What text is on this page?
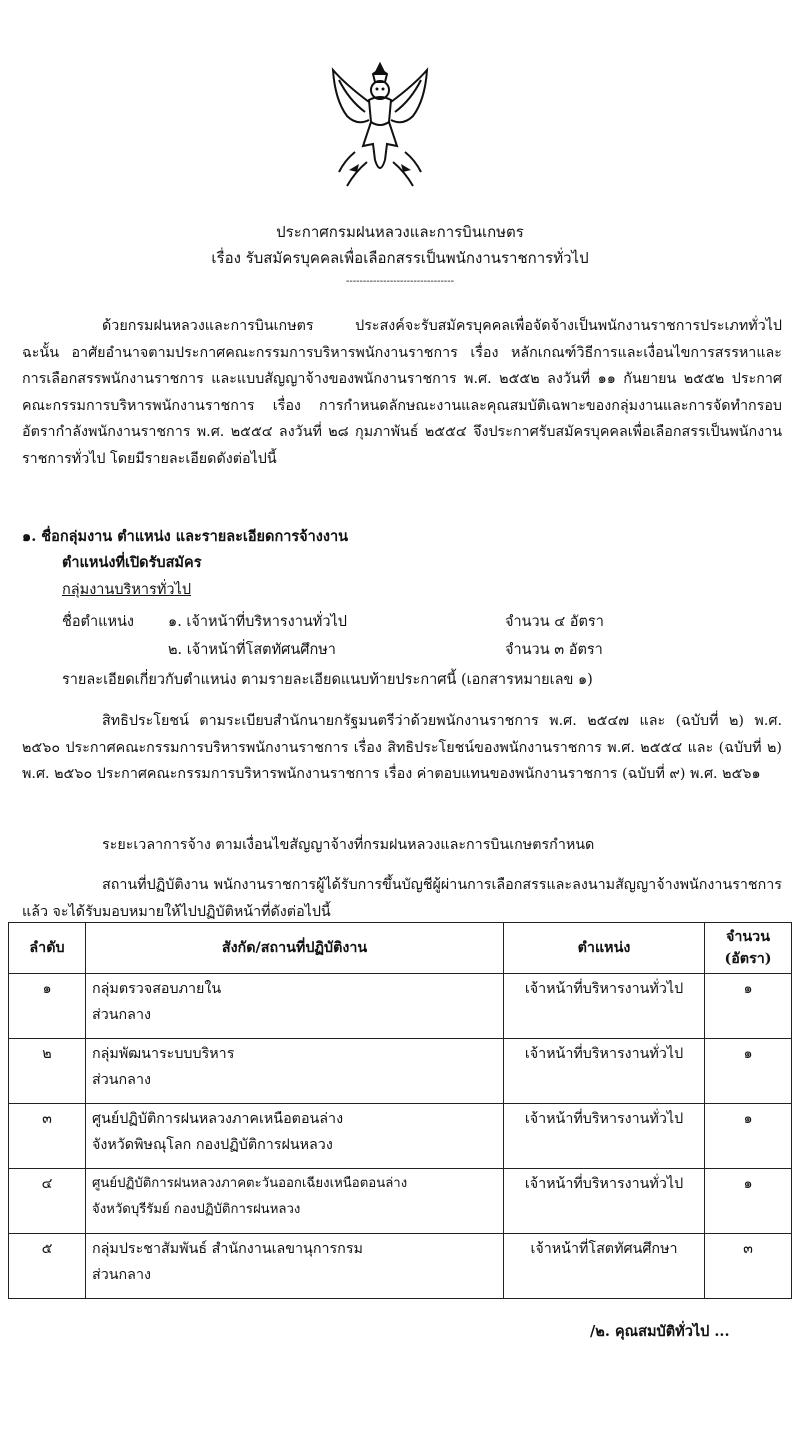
ประกาศกรมฝนหลวงและการบินเกษตร
เรื่อง รับสมัครบุคคลเพื่อเลือกสรรเป็นพนักงานราชการทั่วไป
--------------------------------

ด้วยกรมฝนหลวงและการบินเกษตร ประสงค์จะรับสมัครบุคคลเพื่อจัดจ้างเป็นพนักงานราชการประเภททั่วไป ฉะนั้น อาศัยอำนาจตามประกาศคณะกรรมการบริหารพนักงานราชการ เรื่อง หลักเกณฑ์วิธีการและเงื่อนไขการสรรหาและการเลือกสรรพนักงานราชการ และแบบสัญญาจ้างของพนักงานราชการ พ.ศ. ๒๕๕๒ ลงวันที่ ๑๑ กันยายน ๒๕๕๒ ประกาศคณะกรรมการบริหารพนักงานราชการ เรื่อง การกำหนดลักษณะงานและคุณสมบัติเฉพาะของกลุ่มงานและการจัดทำกรอบอัตรากำลังพนักงานราชการ พ.ศ. ๒๕๕๔ ลงวันที่ ๒๘ กุมภาพันธ์ ๒๕๕๔ จึงประกาศรับสมัครบุคคลเพื่อเลือกสรรเป็นพนักงานราชการทั่วไป โดยมีรายละเอียดดังต่อไปนี้

๑. ชื่อกลุ่มงาน ตำแหน่ง และรายละเอียดการจ้างงาน
ตำแหน่งที่เปิดรับสมัคร
กลุ่มงานบริหารทั่วไป
ชื่อตำแหน่ง ๑. เจ้าหน้าที่บริหารงานทั่วไป	จำนวน ๔ อัตรา
๒. เจ้าหน้าที่โสตทัศนศึกษา	จำนวน ๓ อัตรา
รายละเอียดเกี่ยวกับตำแหน่ง ตามรายละเอียดแนบท้ายประกาศนี้ (เอกสารหมายเลข ๑)

สิทธิประโยชน์ ตามระเบียบสำนักนายกรัฐมนตรีว่าด้วยพนักงานราชการ พ.ศ. ๒๕๔๗ และ (ฉบับที่ ๒) พ.ศ. ๒๕๖๐ ประกาศคณะกรรมการบริหารพนักงานราชการ เรื่อง สิทธิประโยชน์ของพนักงานราชการ พ.ศ. ๒๕๕๔ และ (ฉบับที่ ๒) พ.ศ. ๒๕๖๐ ประกาศคณะกรรมการบริหารพนักงานราชการ เรื่อง ค่าตอบแทนของพนักงานราชการ (ฉบับที่ ๙) พ.ศ. ๒๕๖๑

ระยะเวลาการจ้าง ตามเงื่อนไขสัญญาจ้างที่กรมฝนหลวงและการบินเกษตรกำหนด

สถานที่ปฏิบัติงาน พนักงานราชการผู้ได้รับการขึ้นบัญชีผู้ผ่านการเลือกสรรและลงนามสัญญาจ้างพนักงานราชการแล้ว จะได้รับมอบหมายให้ไปปฏิบัติหน้าที่ดังต่อไปนี้

ลำดับ	สังกัด/สถานที่ปฏิบัติงาน	ตำแหน่ง	จำนวน
(อัตรา)

๑	กลุ่มตรวจสอบภายใน
ส่วนกลาง	เจ้าหน้าที่บริหารงานทั่วไป	๑
๒	กลุ่มพัฒนาระบบบริหาร
ส่วนกลาง	เจ้าหน้าที่บริหารงานทั่วไป	๑
๓	ศูนย์ปฏิบัติการฝนหลวงภาคเหนือตอนล่าง
จังหวัดพิษณุโลก กองปฏิบัติการฝนหลวง	เจ้าหน้าที่บริหารงานทั่วไป	๑
๔	ศูนย์ปฏิบัติการฝนหลวงภาคตะวันออกเฉียงเหนือตอนล่าง
จังหวัดบุรีรัมย์ กองปฏิบัติการฝนหลวง	เจ้าหน้าที่บริหารงานทั่วไป	๑
๕	กลุ่มประชาสัมพันธ์ สำนักงานเลขานุการกรม
ส่วนกลาง	เจ้าหน้าที่โสตทัศนศึกษา	๓
/๒. คุณสมบัติทั่วไป ...
